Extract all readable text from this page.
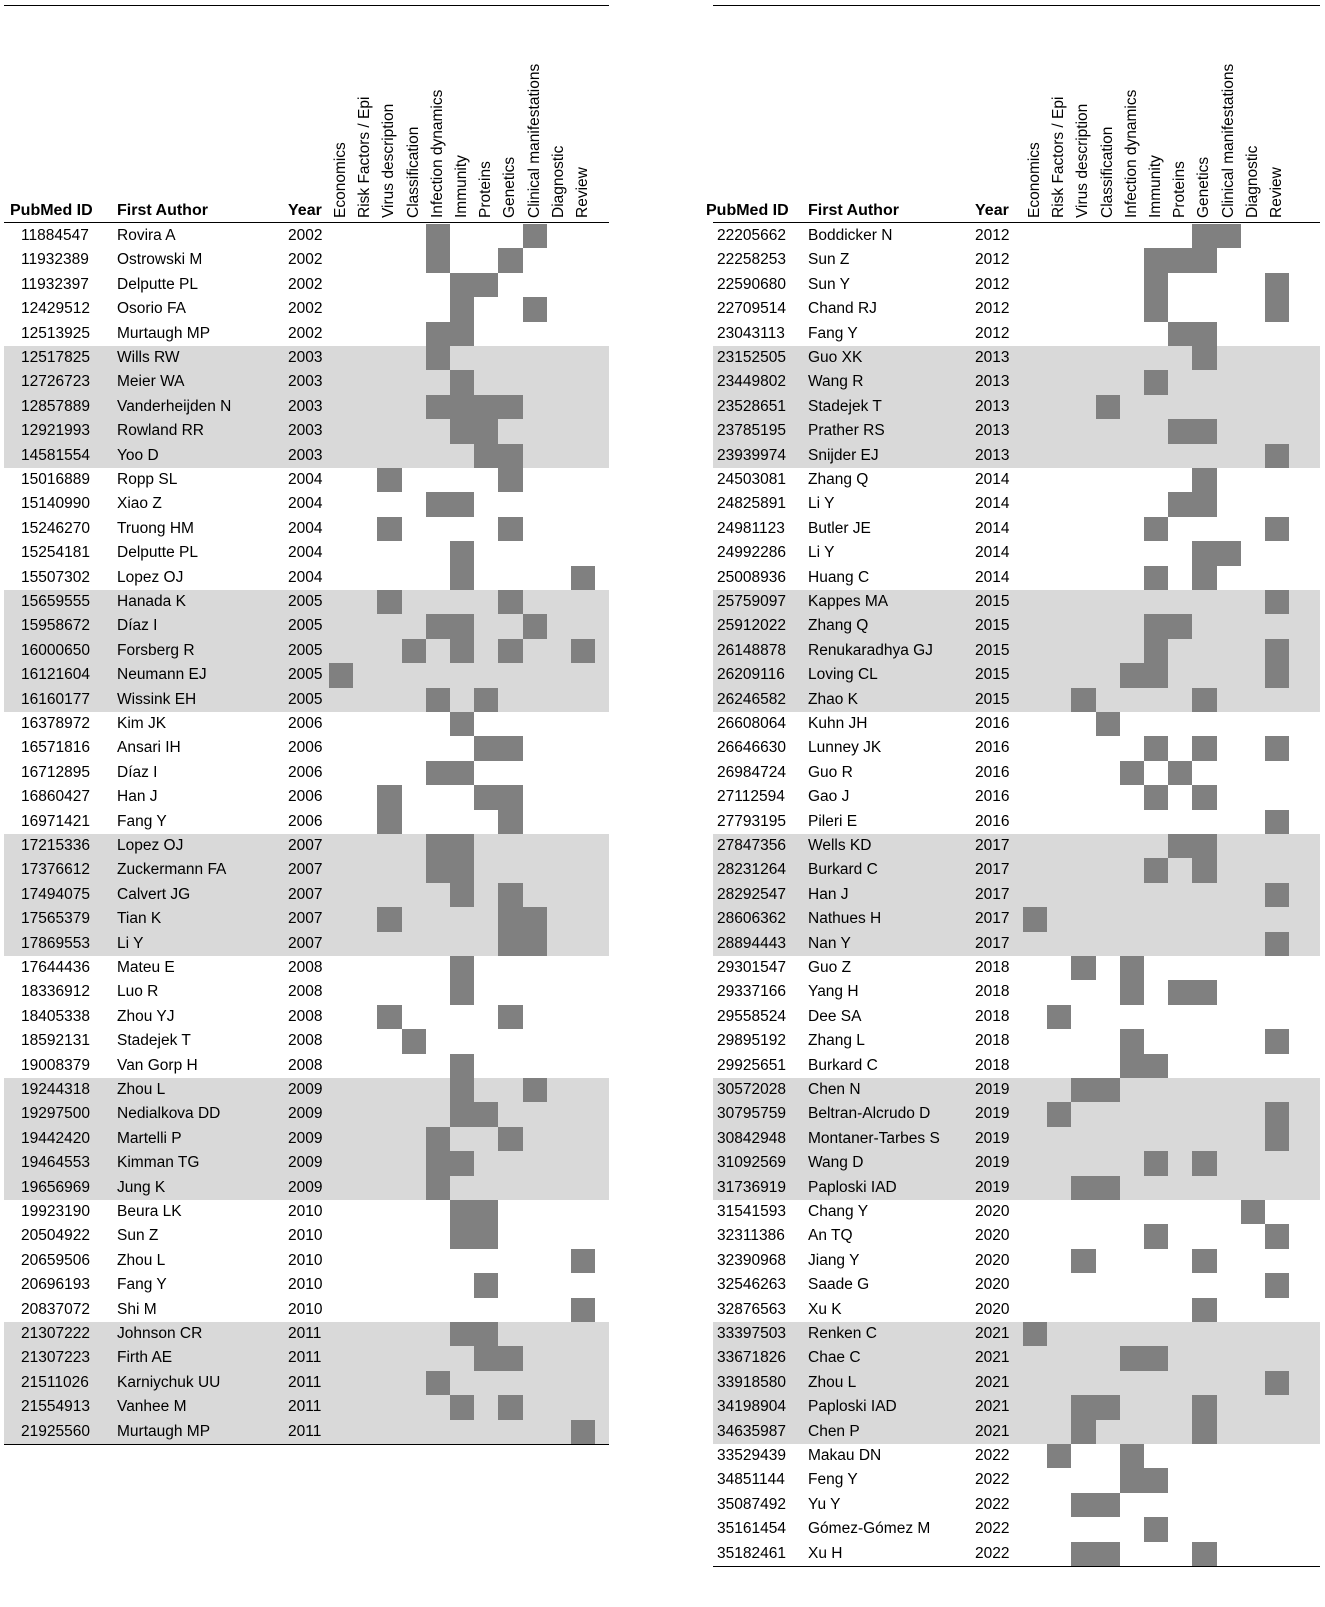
Economics Risk Factors / Epi Virus description Classification Infection dynamics Immunity Proteins Genetics Clinical manifestations Diagnostic Review
PubMed ID First Author	Year
11884547 Rovira A	2002
11932389 Ostrowski M	2002
11932397 Delputte PL	2002
12429512 Osorio FA	2002
12513925 Murtaugh MP	2002
12517825 Wills RW	2003
12726723 Meier WA	2003
12857889 Vanderheijden N	2003
12921993 Rowland RR	2003
14581554 Yoo D	2003
15016889 Ropp SL	2004
15140990 Xiao Z	2004
15246270 Truong HM	2004
15254181 Delputte PL	2004
15507302 Lopez OJ	2004
15659555 Hanada K	2005
15958672 Díaz I	2005
16000650 Forsberg R	2005
16121604 Neumann EJ	2005
16160177 Wissink EH	2005
16378972 Kim JK	2006
16571816 Ansari IH	2006
16712895 Díaz I	2006
16860427 Han J	2006
16971421 Fang Y	2006
17215336 Lopez OJ	2007
17376612 Zuckermann FA	2007
17494075 Calvert JG	2007
17565379 Tian K	2007
17869553 Li Y	2007
17644436 Mateu E	2008
18336912 Luo R	2008
18405338 Zhou YJ	2008
18592131 Stadejek T	2008
19008379 Van Gorp H	2008
19244318 Zhou L	2009
19297500 Nedialkova DD	2009
19442420 Martelli P	2009
19464553 Kimman TG	2009
19656969 Jung K	2009
19923190 Beura LK	2010
20504922 Sun Z	2010
20659506 Zhou L	2010
20696193 Fang Y	2010
20837072 Shi M	2010
21307222 Johnson CR	2011
21307223 Firth AE	2011
21511026 Karniychuk UU	2011
21554913 Vanhee M	2011
21925560 Murtaugh MP	2011
Economics Risk Factors / Epi Virus description Classification Infection dynamics Immunity Proteins Genetics Clinical manifestations Diagnostic Review
PubMed ID First Author	Year
22205662 Boddicker N	2012
22258253 Sun Z	2012
22590680 Sun Y	2012
22709514 Chand RJ	2012
23043113 Fang Y	2012
23152505 Guo XK	2013
23449802 Wang R	2013
23528651 Stadejek T	2013
23785195 Prather RS	2013
23939974 Snijder EJ	2013
24503081 Zhang Q	2014
24825891 Li Y	2014
24981123 Butler JE	2014
24992286 Li Y	2014
25008936 Huang C	2014
25759097 Kappes MA	2015
25912022 Zhang Q	2015
26148878 Renukaradhya GJ	2015
26209116 Loving CL	2015
26246582 Zhao K	2015
26608064 Kuhn JH	2016
26646630 Lunney JK	2016
26984724 Guo R	2016
27112594 Gao J	2016
27793195 Pileri E	2016
27847356 Wells KD	2017
28231264 Burkard C	2017
28292547 Han J	2017
28606362 Nathues H	2017
28894443 Nan Y	2017
29301547 Guo Z	2018
29337166 Yang H	2018
29558524 Dee SA	2018
29895192 Zhang L	2018
29925651 Burkard C	2018
30572028 Chen N	2019
30795759 Beltran-Alcrudo D	2019
30842948 Montaner-Tarbes S 2019
31092569 Wang D	2019
31736919 Paploski IAD	2019
31541593 Chang Y	2020
32311386 An TQ	2020
32390968 Jiang Y	2020
32546263 Saade G	2020
32876563 Xu K	2020
33397503 Renken C	2021
33671826 Chae C	2021
33918580 Zhou L	2021
34198904 Paploski IAD	2021
34635987 Chen P	2021
33529439 Makau DN	2022
34851144 Feng Y	2022
35087492 Yu Y	2022
35161454 Gómez-Gómez M	2022
35182461 Xu H	2022
